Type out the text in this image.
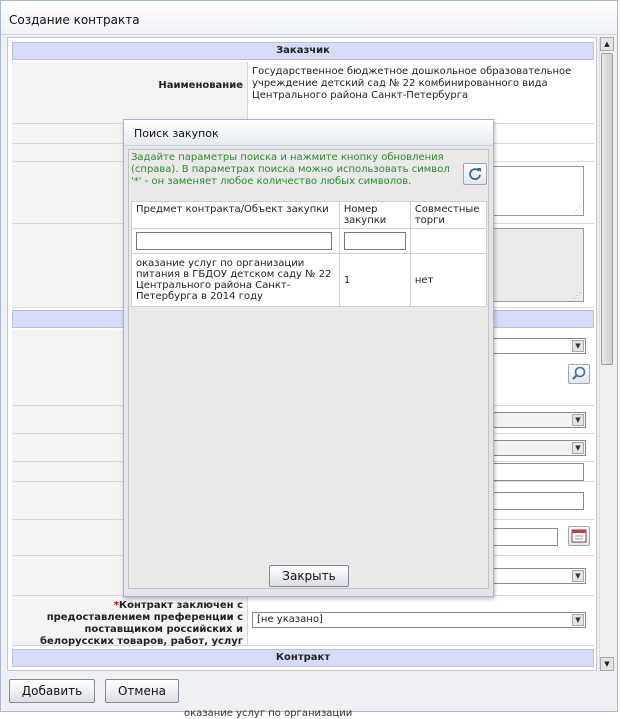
Создание контракта
Заказчик
Наименование
Государственное бюджетное дошкольное образовательное учреждение детский сад № 22 комбинированного вида Центрального района Санкт-Петербурга
⋰
⋰
▼
▼
▼

▼
*Контракт заключен с
предоставлением преференции с
поставщиком российских и
белорусских товаров, работ, услуг
[не указано]	▼
Контракт
▲
▼
Добавить	Отмена
оказание услуг по организации
Поиск закупок
Задайте параметры поиска и нажмите кнопку обновления (справа). В параметрах поиска можно использовать символ '*' - он заменяет любое количество любых символов.
Предмет контракта/Объект закупки	Номер закупки	Совместные торги

оказание услуг по организации питания в ГБДОУ детском саду № 22 Центрального района Санкт-Петербурга в 2014 году	1	нет
Закрыть
